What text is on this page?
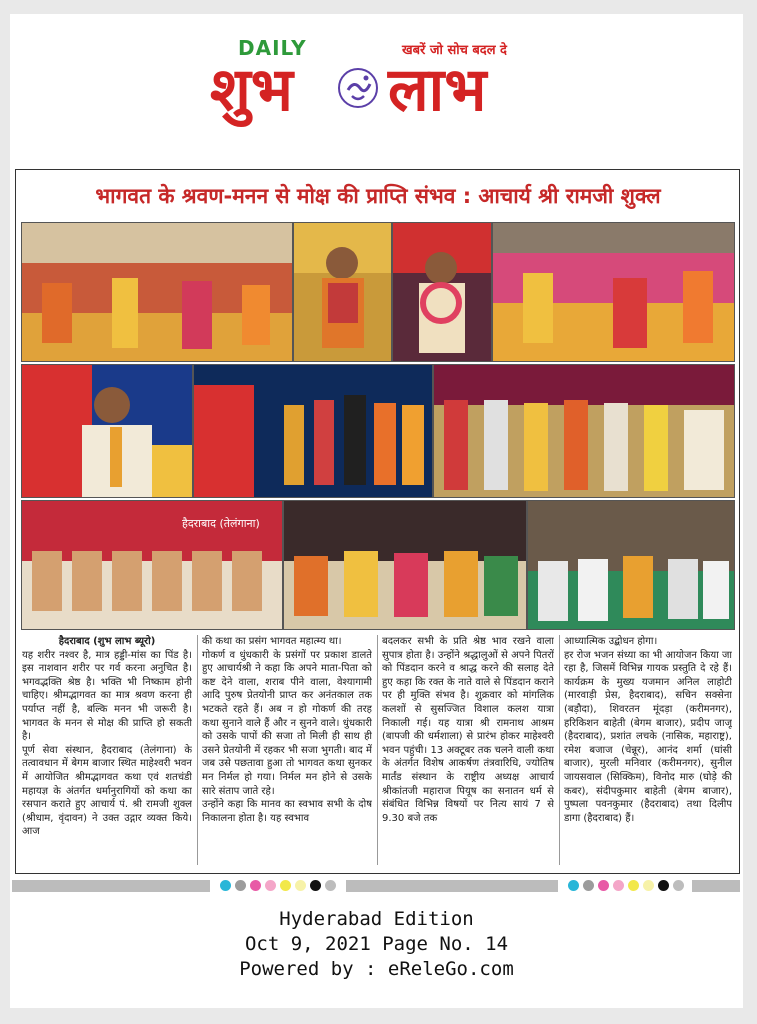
DAILY	खबरें जो सोच बदल दे
शुभ लाभ
भागवत के श्रवण-मनन से मोक्ष की प्राप्ति संभव : आचार्य श्री रामजी शुक्ल
हैदराबाद (तेलंगाना)
हैदराबाद (शुभ लाभ ब्यूरो)

यह शरीर नश्वर है, मात्र हड्डी-मांस का पिंड है। इस नाशवान शरीर पर गर्व करना अनुचित है। भगवद्भक्ति श्रेष्ठ है। भक्ति भी निष्काम होनी चाहिए। श्रीमद्भागवत का मात्र श्रवण करना ही पर्याप्त नहीं है, बल्कि मनन भी जरूरी है। भागवत के मनन से मोक्ष की प्राप्ति हो सकती है।

पूर्ण सेवा संस्थान, हैदराबाद (तेलंगाना) के तत्वावधान में बेगम बाजार स्थित माहेश्वरी भवन में आयोजित श्रीमद्भागवत कथा एवं शतचंडी महायज्ञ के अंतर्गत धर्मानुरागियों को कथा का रसपान कराते हुए आचार्य पं. श्री रामजी शुक्ल (श्रीधाम, वृंदावन) ने उक्त उद्गार व्यक्त किये। आज

की कथा का प्रसंग भागवत महात्म्य था।

गोकर्ण व धुंधकारी के प्रसंगों पर प्रकाश डालते हुए आचार्यश्री ने कहा कि अपने माता-पिता को कष्ट देने वाला, शराब पीने वाला, वेश्यागामी आदि पुरुष प्रेतयोनी प्राप्त कर अनंतकाल तक भटकते रहते हैं। अब न हो गोकर्ण की तरह कथा सुनाने वाले हैं और न सुनने वाले। धुंधकारी को उसके पापों की सजा तो मिली ही साथ ही उसने प्रेतयोनी में रहकर भी सजा भुगती। बाद में जब उसे पछतावा हुआ तो भागवत कथा सुनकर मन निर्मल हो गया। निर्मल मन होने से उसके सारे संताप जाते रहे।

उन्होंने कहा कि मानव का स्वभाव सभी के दोष निकालना होता है। यह स्वभाव

बदलकर सभी के प्रति श्रेष्ठ भाव रखने वाला सुपात्र होता है। उन्होंने श्रद्धालुओं से अपने पितरों को पिंडदान करने व श्राद्ध करने की सलाह देते हुए कहा कि रक्त के नाते वाले से पिंडदान कराने पर ही मुक्ति संभव है। शुक्रवार को मांगलिक कलशों से सुसज्जित विशाल कलश यात्रा निकाली गई। यह यात्रा श्री रामनाथ आश्रम (बापजी की धर्मशाला) से प्रारंभ होकर माहेश्वरी भवन पहुंची। 13 अक्टूबर तक चलने वाली कथा के अंतर्गत विशेष आकर्षण तंत्रवारिधि, ज्योतिष मार्तंड संस्थान के राष्ट्रीय अध्यक्ष आचार्य श्रीकांतजी महाराज पियूष का सनातन धर्म से संबंधित विभिन्न विषयों पर नित्य सायं 7 से 9.30 बजे तक

आध्यात्मिक उद्बोधन होगा।

हर रोज भजन संध्या का भी आयोजन किया जा रहा है, जिसमें विभिन्न गायक प्रस्तुति दे रहे हैं। कार्यक्रम के मुख्य यजमान अनिल लाहोटी (मारवाड़ी प्रेस, हैदराबाद), सचिन सक्सेना (बड़ौदा), शिवरतन मूंदड़ा (करीमनगर), हरिकिशन बाहेती (बेगम बाजार), प्रदीप जाजू (हैदराबाद), प्रशांत लचके (नासिक, महाराष्ट्र), रमेश बजाज (चेन्नूर), आनंद शर्मा (घांसी बाजार), मुरली मनिवार (करीमनगर), सुनील जायसवाल (सिक्किम), विनोद मारु (घोड़े की कबर), संदीपकुमार बाहेती (बेगम बाजार), पुष्पला पवनकुमार (हैदराबाद) तथा दिलीप डागा (हैदराबाद) हैं।

Hyderabad Edition
Oct 9, 2021 Page No. 14
Powered by : eReleGo.com
